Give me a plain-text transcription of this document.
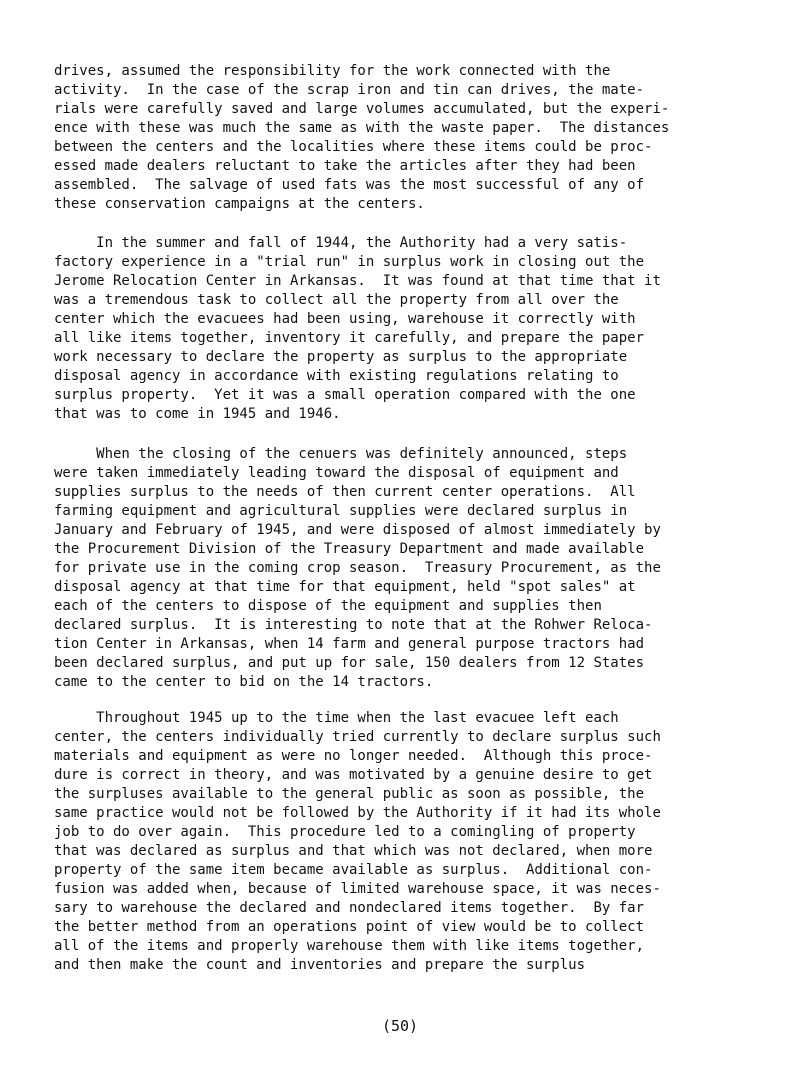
drives, assumed the responsibility for the work connected with the
activity.  In the case of the scrap iron and tin can drives, the mate-
rials were carefully saved and large volumes accumulated, but the experi-
ence with these was much the same as with the waste paper.  The distances
between the centers and the localities where these items could be proc-
essed made dealers reluctant to take the articles after they had been
assembled.  The salvage of used fats was the most successful of any of
these conservation campaigns at the centers.
In the summer and fall of 1944, the Authority had a very satis-
factory experience in a "trial run" in surplus work in closing out the
Jerome Relocation Center in Arkansas.  It was found at that time that it
was a tremendous task to collect all the property from all over the
center which the evacuees had been using, warehouse it correctly with
all like items together, inventory it carefully, and prepare the paper
work necessary to declare the property as surplus to the appropriate
disposal agency in accordance with existing regulations relating to
surplus property.  Yet it was a small operation compared with the one
that was to come in 1945 and 1946.
When the closing of the cenuers was definitely announced, steps
were taken immediately leading toward the disposal of equipment and
supplies surplus to the needs of then current center operations.  All
farming equipment and agricultural supplies were declared surplus in
January and February of 1945, and were disposed of almost immediately by
the Procurement Division of the Treasury Department and made available
for private use in the coming crop season.  Treasury Procurement, as the
disposal agency at that time for that equipment, held "spot sales" at
each of the centers to dispose of the equipment and supplies then
declared surplus.  It is interesting to note that at the Rohwer Reloca-
tion Center in Arkansas, when 14 farm and general purpose tractors had
been declared surplus, and put up for sale, 150 dealers from 12 States
came to the center to bid on the 14 tractors.
Throughout 1945 up to the time when the last evacuee left each
center, the centers individually tried currently to declare surplus such
materials and equipment as were no longer needed.  Although this proce-
dure is correct in theory, and was motivated by a genuine desire to get
the surpluses available to the general public as soon as possible, the
same practice would not be followed by the Authority if it had its whole
job to do over again.  This procedure led to a comingling of property
that was declared as surplus and that which was not declared, when more
property of the same item became available as surplus.  Additional con-
fusion was added when, because of limited warehouse space, it was neces-
sary to warehouse the declared and nondeclared items together.  By far
the better method from an operations point of view would be to collect
all of the items and properly warehouse them with like items together,
and then make the count and inventories and prepare the surplus
(50)
